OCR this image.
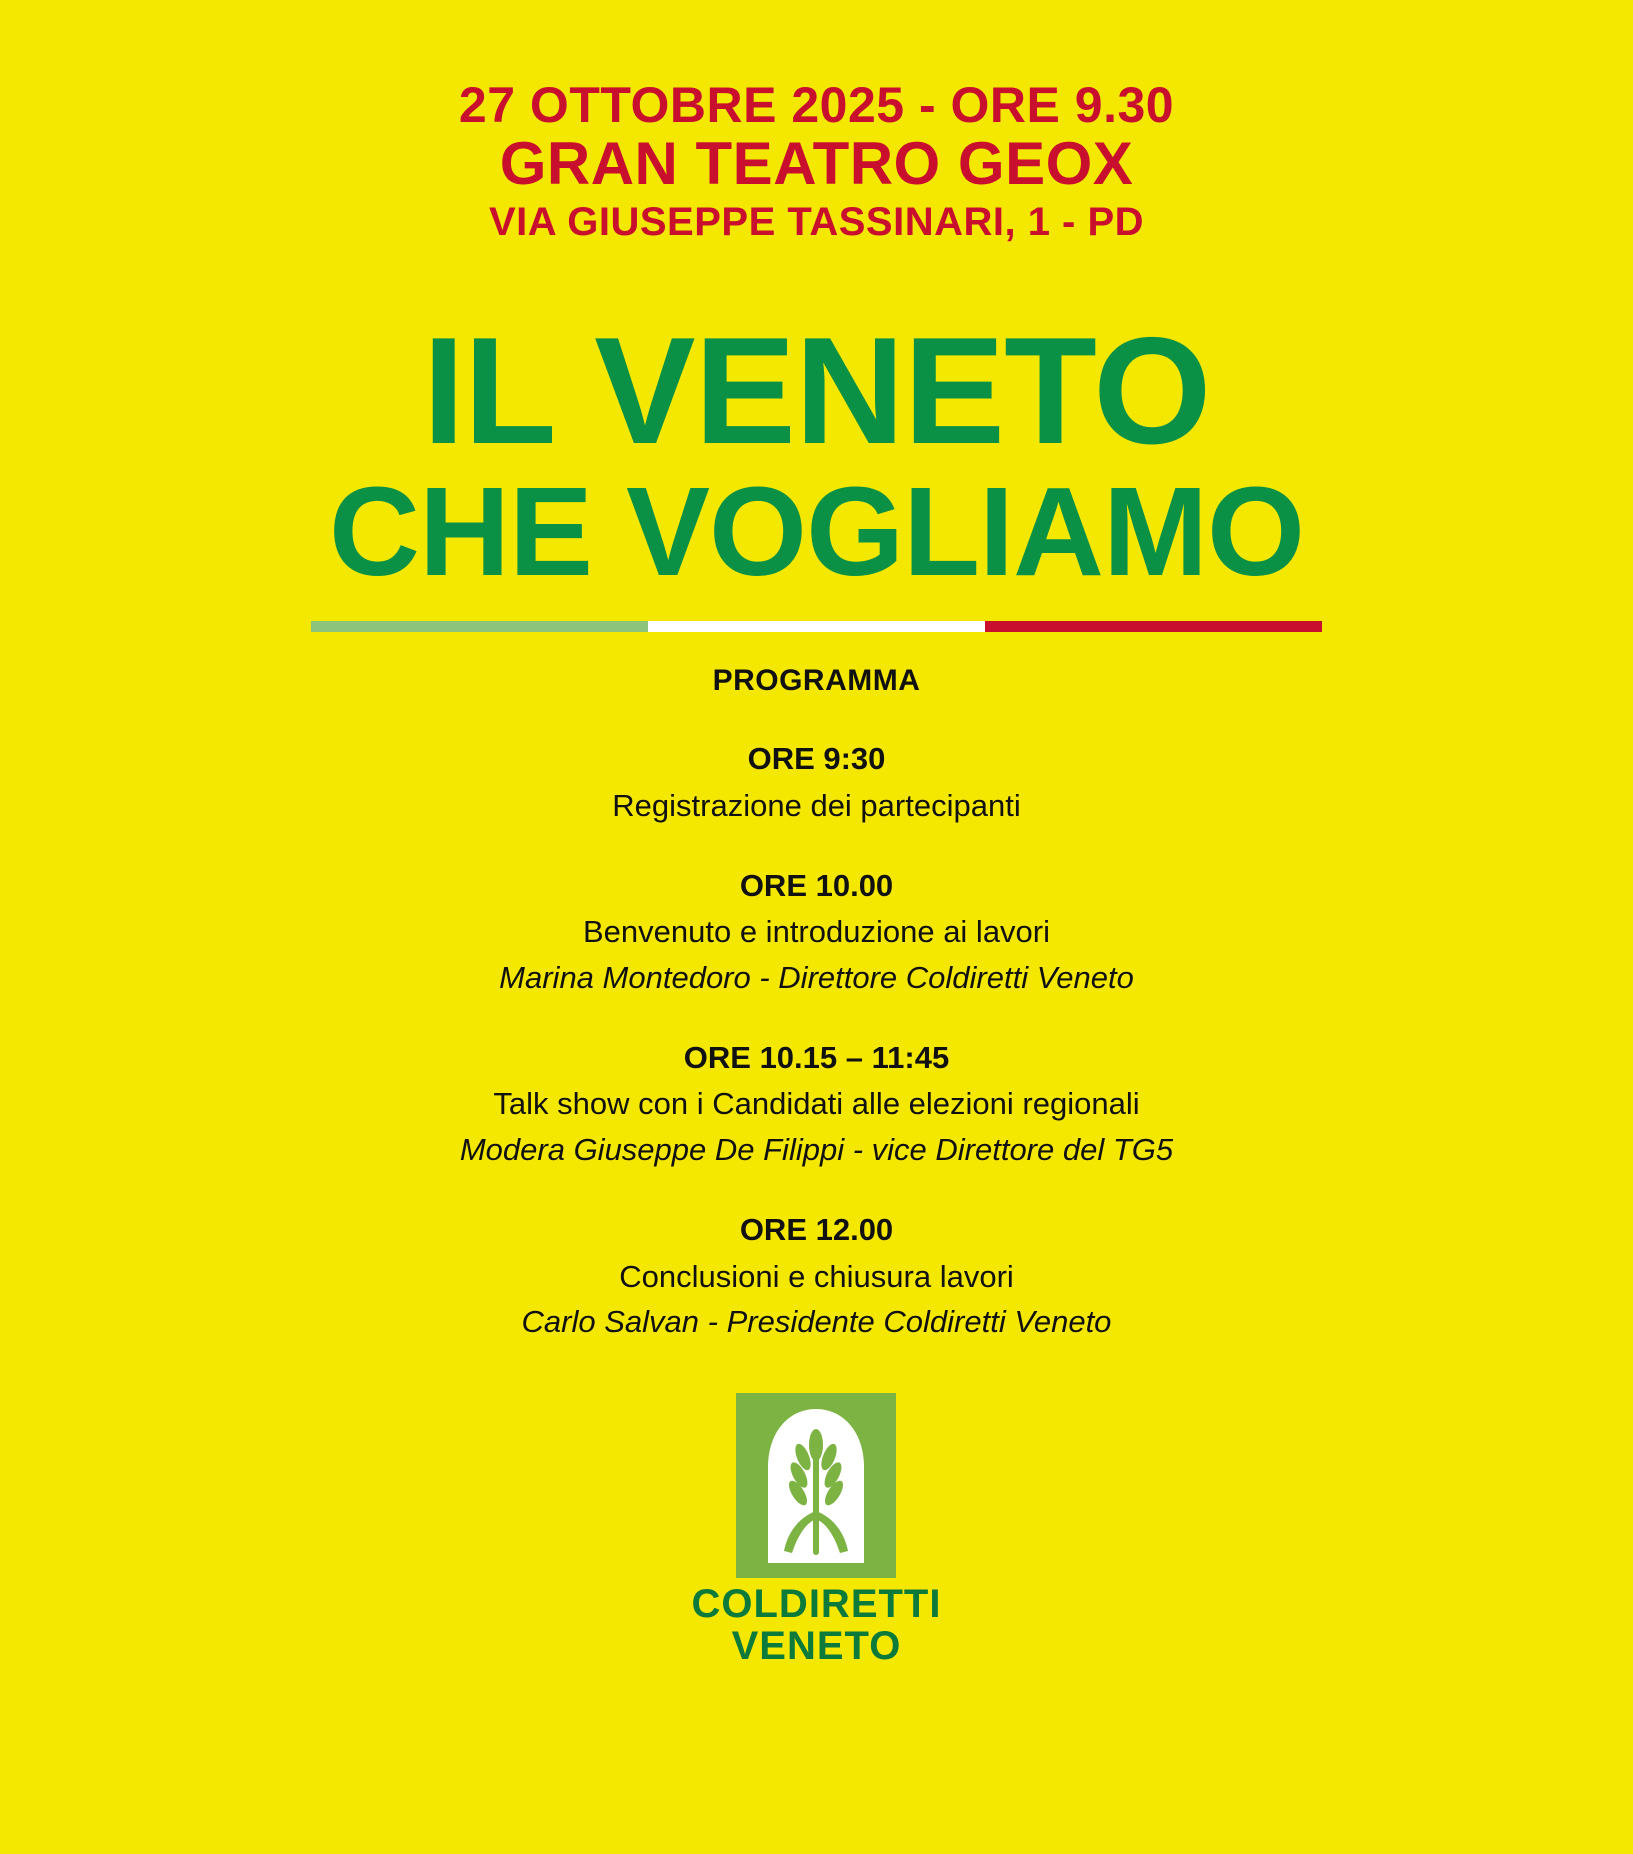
27 OTTOBRE 2025 - ORE 9.30
GRAN TEATRO GEOX
VIA GIUSEPPE TASSINARI, 1 - PD
IL VENETO
CHE VOGLIAMO
PROGRAMMA
ORE 9:30
Registrazione dei partecipanti
ORE 10.00
Benvenuto e introduzione ai lavori
Marina Montedoro - Direttore Coldiretti Veneto
ORE 10.15 – 11:45
Talk show con i Candidati alle elezioni regionali
Modera Giuseppe De Filippi - vice Direttore del TG5
ORE 12.00
Conclusioni e chiusura lavori
Carlo Salvan - Presidente Coldiretti Veneto
COLDIRETTI
VENETO
